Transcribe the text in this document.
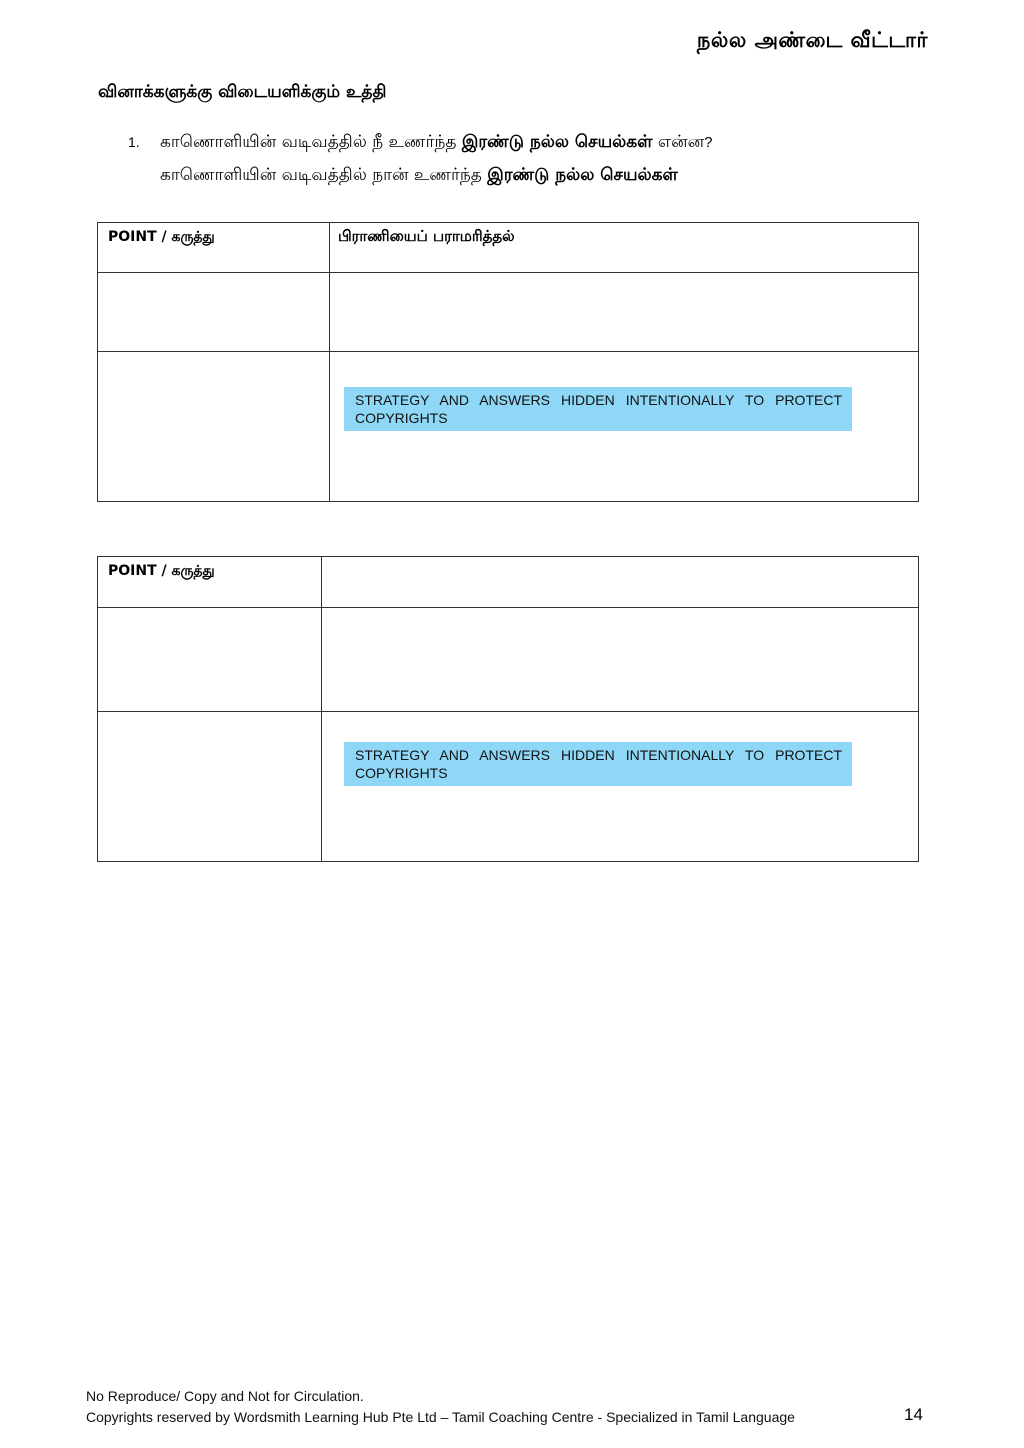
நல்ல அண்டை வீட்டார்
வினாக்களுக்கு விடையளிக்கும் உத்தி
1. காணொளியின் வடிவத்தில் நீ உணர்ந்த இரண்டு நல்ல செயல்கள் என்ன?
காணொளியின் வடிவத்தில் நான் உணர்ந்த இரண்டு நல்ல செயல்கள்
POINT / கருத்து	பிராணியைப் பராமரித்தல்

	STRATEGY AND ANSWERS HIDDEN INTENTIONALLY TO PROTECT COPYRIGHTS
POINT / கருத்து	

	STRATEGY AND ANSWERS HIDDEN INTENTIONALLY TO PROTECT COPYRIGHTS
No Reproduce/ Copy and Not for Circulation.
Copyrights reserved by Wordsmith Learning Hub Pte Ltd – Tamil Coaching Centre - Specialized in Tamil Language	14
